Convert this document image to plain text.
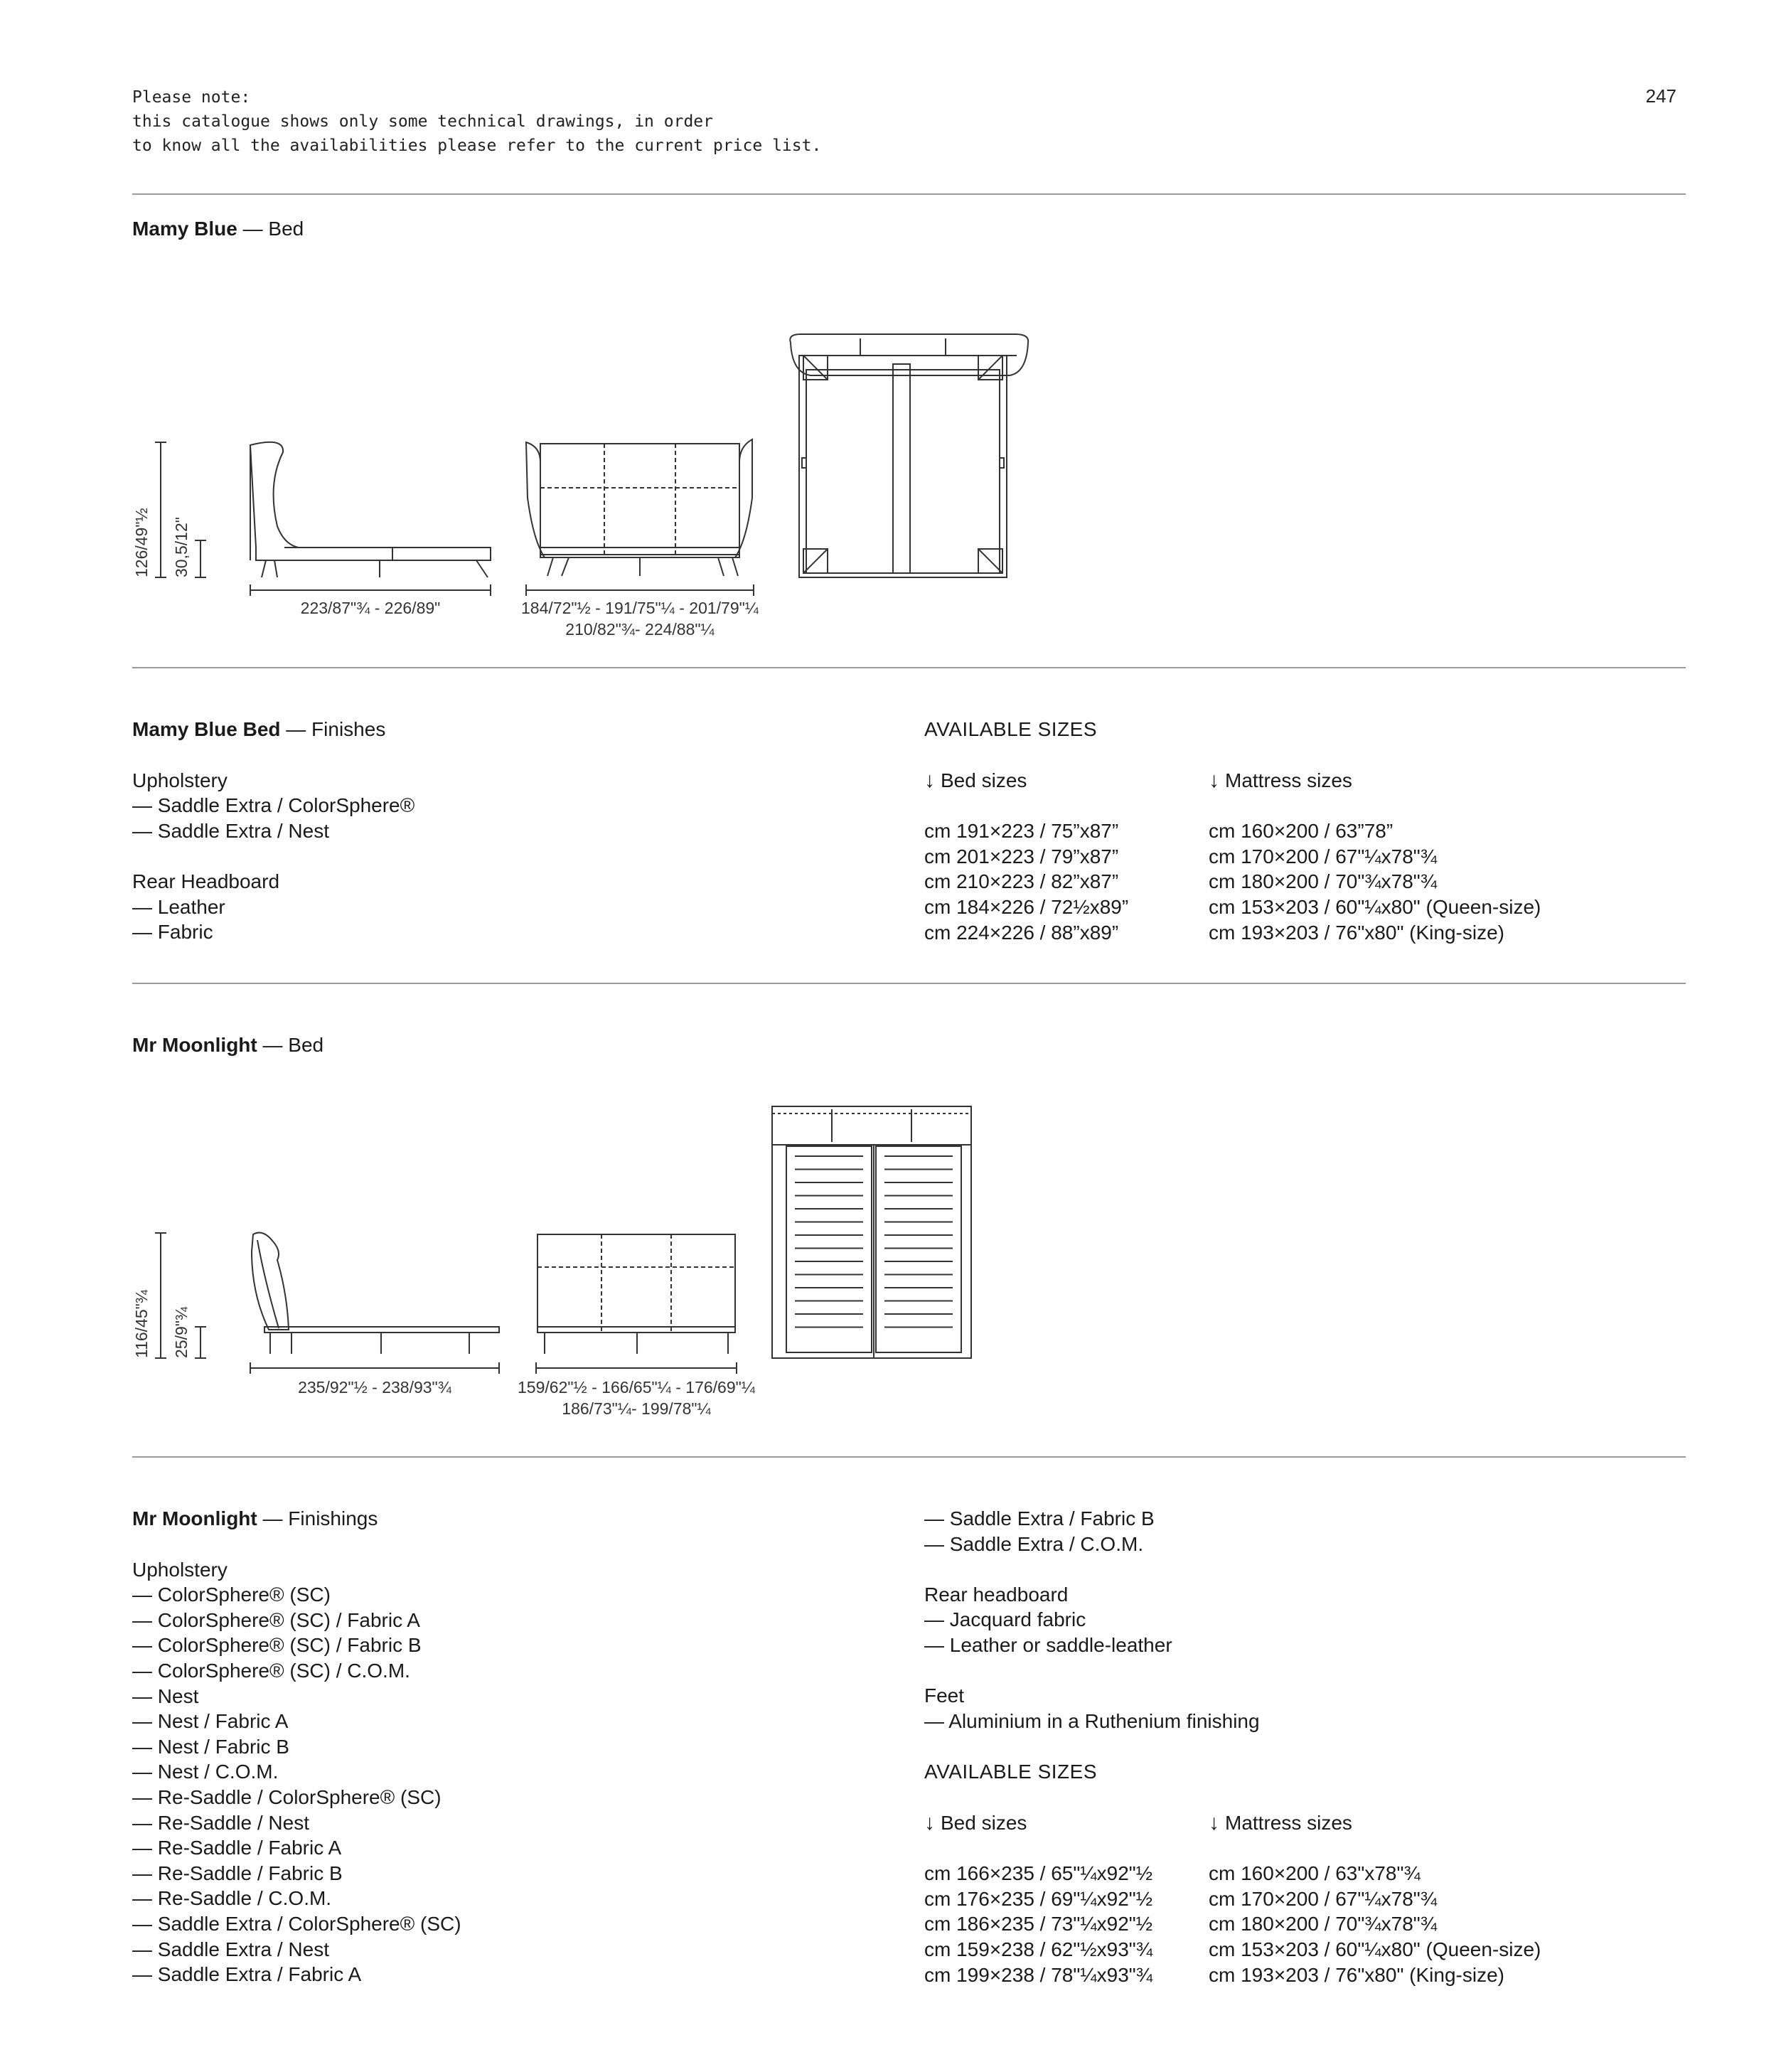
Please note:
this catalogue shows only some technical drawings, in order
to know all the availabilities please refer to the current price list.
247
Mamy Blue — Bed
126/49"½ 30,5/12"
223/87"¾ - 226/89"	184/72"½ - 191/75"¼ - 201/79"¼
210/82"¾- 224/88"¼
Mamy Blue Bed — Finishes
Upholstery
— Saddle Extra / ColorSphere®
— Saddle Extra / Nest
Rear Headboard
— Leather
— Fabric
AVAILABLE SIZES
↓ Bed sizes
cm 191×223 / 75”x87”
cm 201×223 / 79”x87”
cm 210×223 / 82”x87”
cm 184×226 / 72½x89”
cm 224×226 / 88”x89”
↓ Mattress sizes
cm 160×200 / 63”78”
cm 170×200 / 67"¼x78"¾
cm 180×200 / 70"¾x78"¾
cm 153×203 / 60"¼x80" (Queen-size)
cm 193×203 / 76"x80" (King-size)
Mr Moonlight — Bed
116/45"¾ 25/9"¾
235/92"½ - 238/93"¾	159/62"½ - 166/65"¼ - 176/69"¼
186/73"¼- 199/78"¼
Mr Moonlight — Finishings
Upholstery
— ColorSphere® (SC)
— ColorSphere® (SC) / Fabric A
— ColorSphere® (SC) / Fabric B
— ColorSphere® (SC) / C.O.M.
— Nest
— Nest / Fabric A
— Nest / Fabric B
— Nest / C.O.M.
— Re-Saddle / ColorSphere® (SC)
— Re-Saddle / Nest
— Re-Saddle / Fabric A
— Re-Saddle / Fabric B
— Re-Saddle / C.O.M.
— Saddle Extra / ColorSphere® (SC)
— Saddle Extra / Nest
— Saddle Extra / Fabric A
— Saddle Extra / Fabric B
— Saddle Extra / C.O.M.
Rear headboard
— Jacquard fabric
— Leather or saddle-leather
Feet
— Aluminium in a Ruthenium finishing
AVAILABLE SIZES
↓ Bed sizes
cm 166×235 / 65"¼x92"½
cm 176×235 / 69"¼x92"½
cm 186×235 / 73"¼x92"½
cm 159×238 / 62"½x93"¾
cm 199×238 / 78"¼x93"¾
↓ Mattress sizes
cm 160×200 / 63"x78"¾
cm 170×200 / 67"¼x78"¾
cm 180×200 / 70"¾x78"¾
cm 153×203 / 60"¼x80" (Queen-size)
cm 193×203 / 76"x80" (King-size)
